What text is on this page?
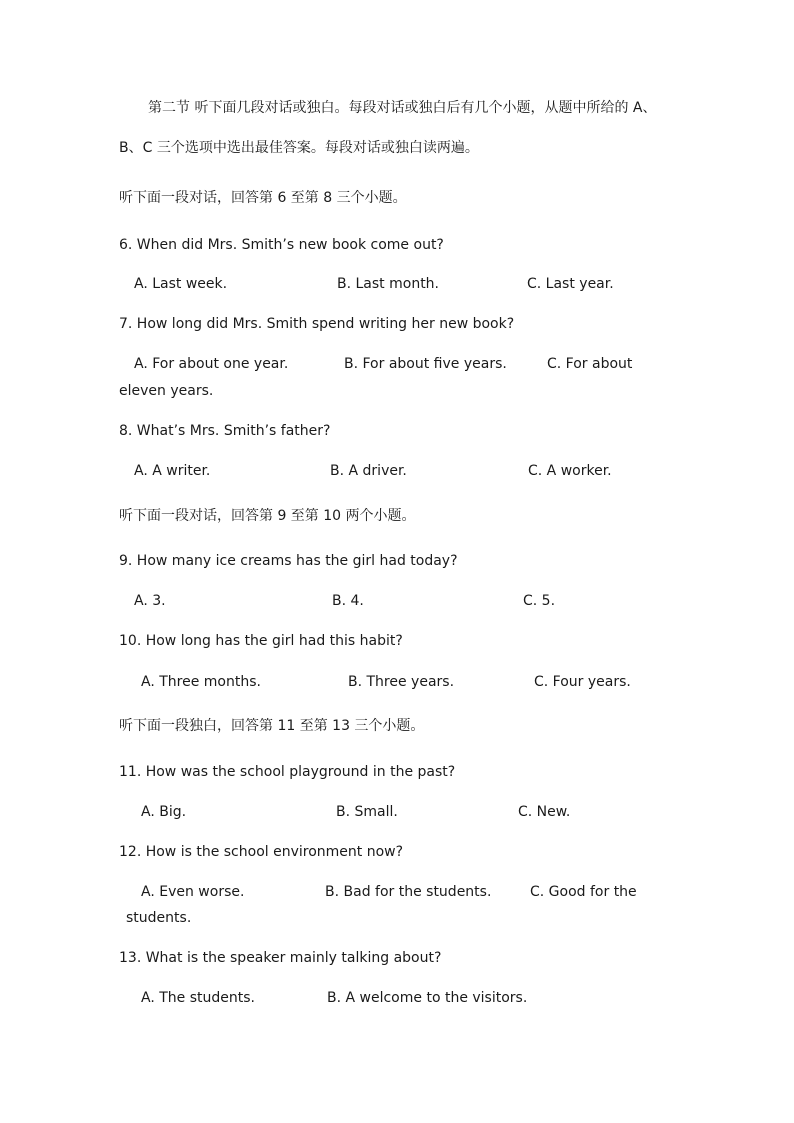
第二节 听下面几段对话或独白。每段对话或独白后有几个小题，从题中所给的 A、
B、C 三个选项中选出最佳答案。每段对话或独白读两遍。
听下面一段对话，回答第 6 至第 8 三个小题。
6. When did Mrs. Smith’s new book come out?
A. Last week.	B. Last month.	C. Last year.
7. How long did Mrs. Smith spend writing her new book?
A. For about one year.	B. For about five years.	C. For about
eleven years.
8. What’s Mrs. Smith’s father?
A. A writer.	B. A driver.	C. A worker.
听下面一段对话，回答第 9 至第 10 两个小题。
9. How many ice creams has the girl had today?
A. 3.	B. 4.	C. 5.
10. How long has the girl had this habit?
A. Three months.	B. Three years.	C. Four years.
听下面一段独白，回答第 11 至第 13 三个小题。
11. How was the school playground in the past?
A. Big.	B. Small.	C. New.
12. How is the school environment now?
A. Even worse.	B. Bad for the students.	C. Good for the
students.
13. What is the speaker mainly talking about?
A. The students.	B. A welcome to the visitors.
